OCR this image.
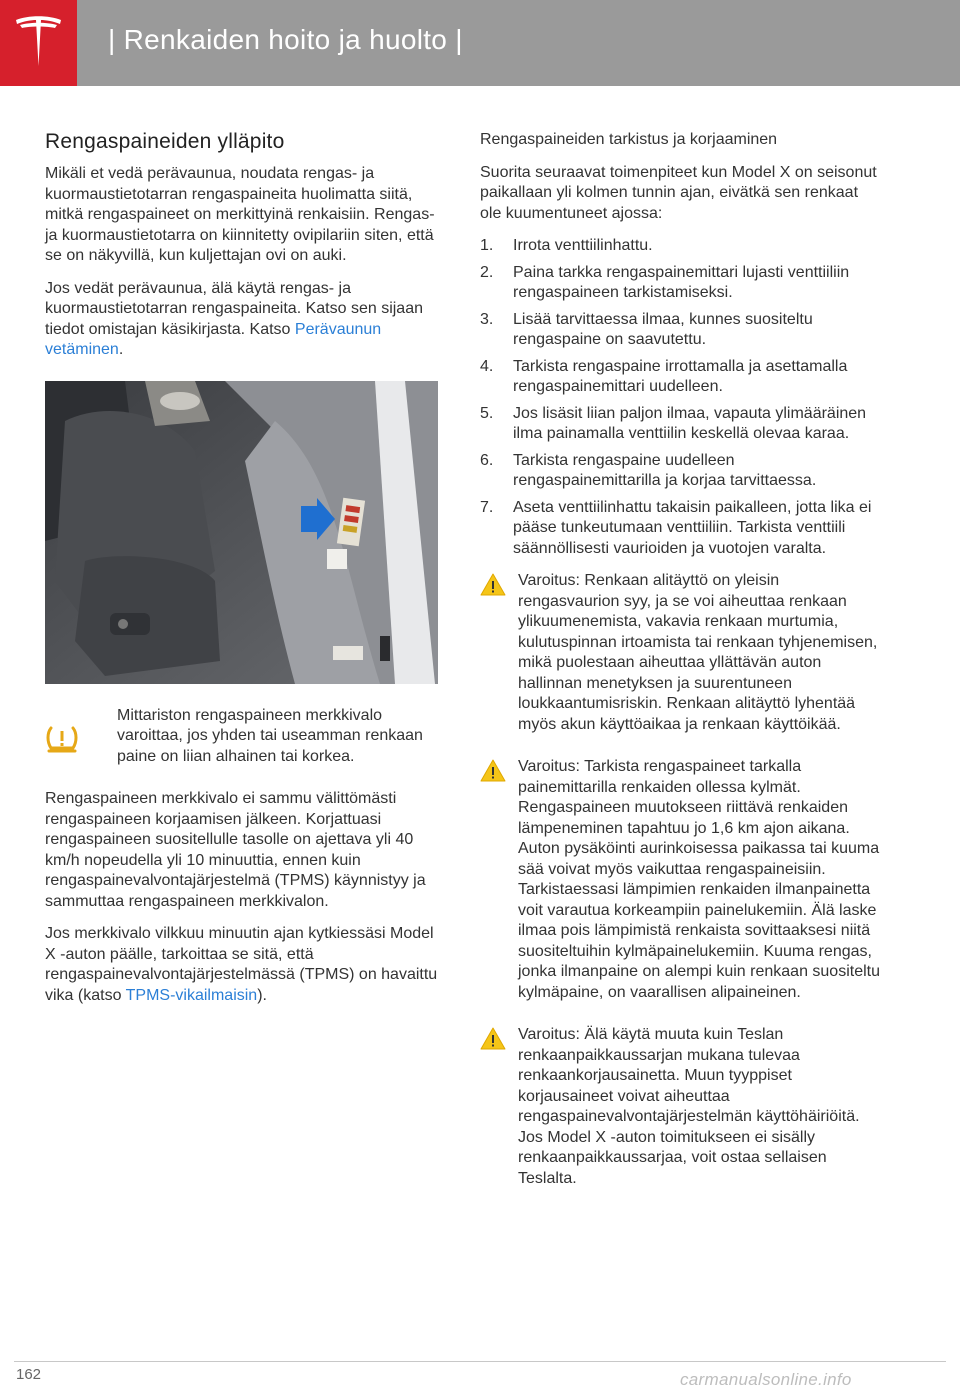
| Renkaiden hoito ja huolto |
Rengaspaineiden ylläpito

Mikäli et vedä perävaunua, noudata rengas- ja kuormaustietotarran rengaspaineita huolimatta siitä, mitkä rengaspaineet on merkittyinä renkaisiin. Rengas- ja kuormaustietotarra on kiinnitetty ovipilariin siten, että se on näkyvillä, kun kuljettajan ovi on auki.

Jos vedät perävaunua, älä käytä rengas- ja kuormaustietotarran rengaspaineita. Katso sen sijaan tiedot omistajan käsikirjasta. Katso Perävaunun vetäminen.

Mittariston rengaspaineen merkkivalo varoittaa, jos yhden tai useamman renkaan paine on liian alhainen tai korkea.

Rengaspaineen merkkivalo ei sammu välittömästi rengaspaineen korjaamisen jälkeen. Korjattuasi rengaspaineen suositellulle tasolle on ajettava yli 40 km/h nopeudella yli 10 minuuttia, ennen kuin rengaspainevalvontajärjestelmä (TPMS) käynnistyy ja sammuttaa rengaspaineen merkkivalon.

Jos merkkivalo vilkkuu minuutin ajan kytkiessäsi Model X -auton päälle, tarkoittaa se sitä, että rengaspainevalvontajärjestelmässä (TPMS) on havaittu vika (katso TPMS-vikailmaisin).

Rengaspaineiden tarkistus ja korjaaminen

Suorita seuraavat toimenpiteet kun Model X on seisonut paikallaan yli kolmen tunnin ajan, eivätkä sen renkaat ole kuumentuneet ajossa:

1. Irrota venttiilinhattu.
2. Paina tarkka rengaspainemittari lujasti venttiiliin rengaspaineen tarkistamiseksi.
3. Lisää tarvittaessa ilmaa, kunnes suositeltu rengaspaine on saavutettu.
4. Tarkista rengaspaine irrottamalla ja asettamalla rengaspainemittari uudelleen.
5. Jos lisäsit liian paljon ilmaa, vapauta ylimääräinen ilma painamalla venttiilin keskellä olevaa karaa.
6. Tarkista rengaspaine uudelleen rengaspainemittarilla ja korjaa tarvittaessa.
7. Aseta venttiilinhattu takaisin paikalleen, jotta lika ei pääse tunkeutumaan venttiiliin. Tarkista venttiili säännöllisesti vaurioiden ja vuotojen varalta.
Varoitus: Renkaan alitäyttö on yleisin rengasvaurion syy, ja se voi aiheuttaa renkaan ylikuumenemista, vakavia renkaan murtumia, kulutuspinnan irtoamista tai renkaan tyhjenemisen, mikä puolestaan aiheuttaa yllättävän auton hallinnan menetyksen ja suurentuneen loukkaantumisriskin. Renkaan alitäyttö lyhentää myös akun käyttöaikaa ja renkaan käyttöikää.
Varoitus: Tarkista rengaspaineet tarkalla painemittarilla renkaiden ollessa kylmät. Rengaspaineen muutokseen riittävä renkaiden lämpeneminen tapahtuu jo 1,6 km ajon aikana. Auton pysäköinti aurinkoisessa paikassa tai kuuma sää voivat myös vaikuttaa rengaspaineisiin. Tarkistaessasi lämpimien renkaiden ilmanpainetta voit varautua korkeampiin painelukemiin. Älä laske ilmaa pois lämpimistä renkaista sovittaaksesi niitä suositeltuihin kylmäpainelukemiin. Kuuma rengas, jonka ilmanpaine on alempi kuin renkaan suositeltu kylmäpaine, on vaarallisen alipaineinen.
Varoitus: Älä käytä muuta kuin Teslan renkaanpaikkaussarjan mukana tulevaa renkaankorjausainetta. Muun tyyppiset korjausaineet voivat aiheuttaa rengaspainevalvontajärjestelmän käyttöhäiriöitä. Jos Model X -auton toimitukseen ei sisälly renkaanpaikkaussarjaa, voit ostaa sellaisen Teslalta.
162	carmanualsonline.info
